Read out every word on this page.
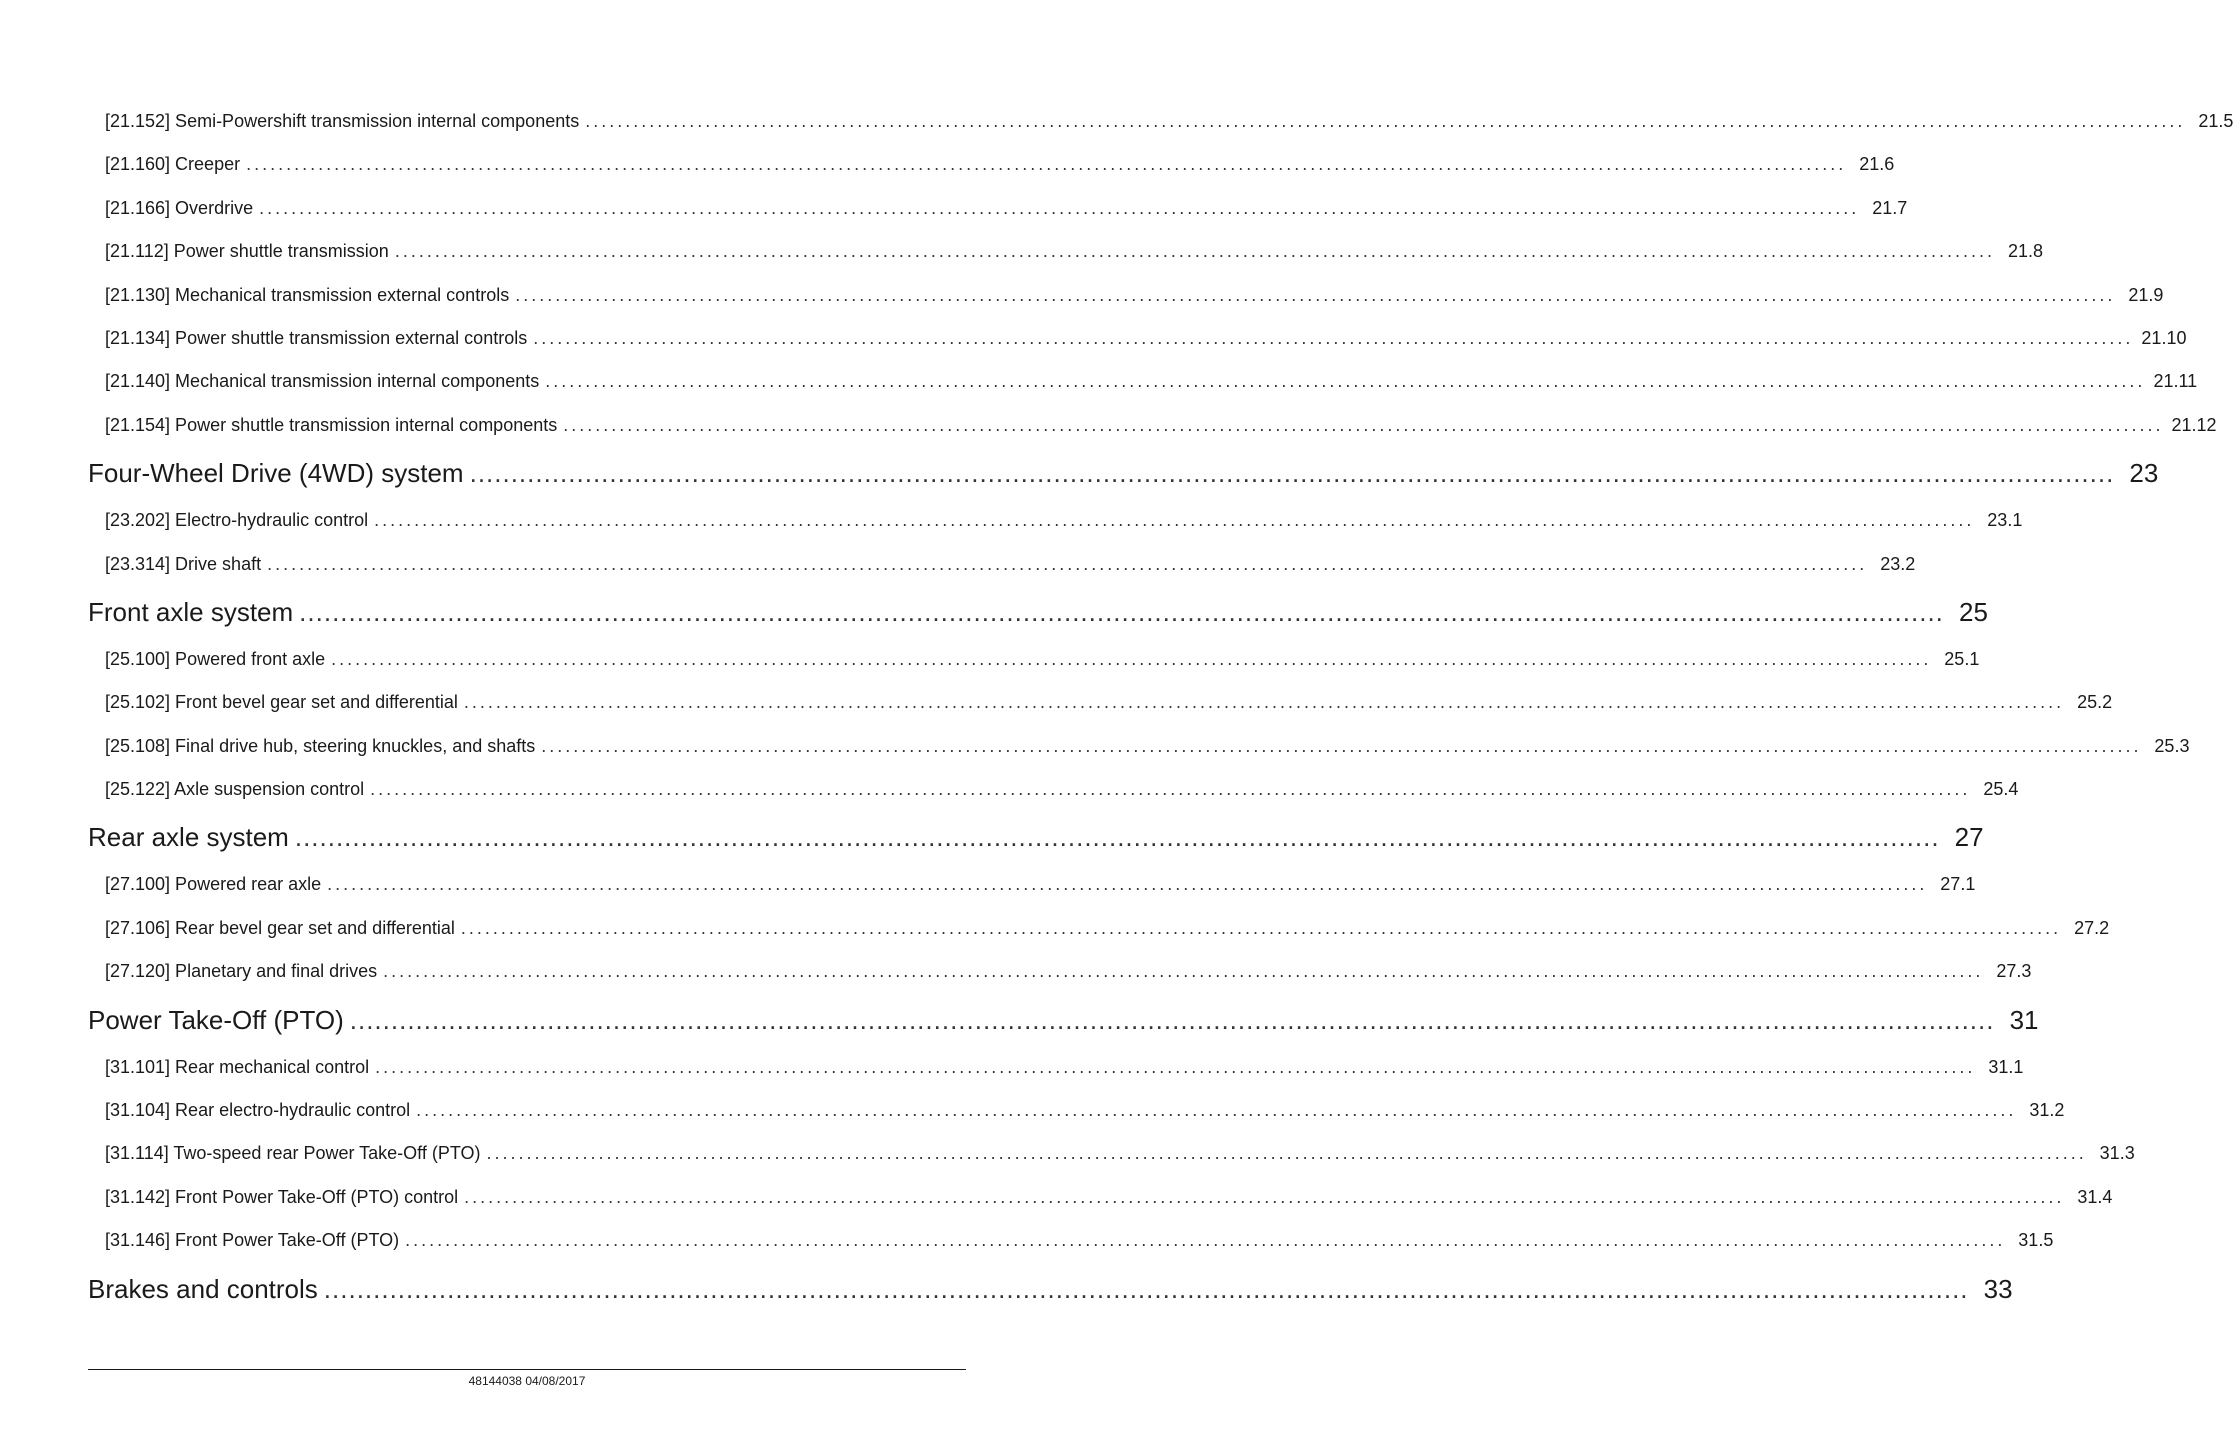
[21.152] Semi-Powershift transmission internal components ........................................................................................................................................................................................................ 21.5
[21.160] Creeper ........................................................................................................................................................................................................ 21.6
[21.166] Overdrive ........................................................................................................................................................................................................ 21.7
[21.112] Power shuttle transmission ........................................................................................................................................................................................................ 21.8
[21.130] Mechanical transmission external controls ........................................................................................................................................................................................................ 21.9
[21.134] Power shuttle transmission external controls ........................................................................................................................................................................................................ 21.10
[21.140] Mechanical transmission internal components ........................................................................................................................................................................................................ 21.11
[21.154] Power shuttle transmission internal components ........................................................................................................................................................................................................ 21.12
Four-Wheel Drive (4WD) system ........................................................................................................................................................................................................ 23
[23.202] Electro-hydraulic control ........................................................................................................................................................................................................ 23.1
[23.314] Drive shaft ........................................................................................................................................................................................................ 23.2
Front axle system ........................................................................................................................................................................................................ 25
[25.100] Powered front axle ........................................................................................................................................................................................................ 25.1
[25.102] Front bevel gear set and differential ........................................................................................................................................................................................................ 25.2
[25.108] Final drive hub, steering knuckles, and shafts ........................................................................................................................................................................................................ 25.3
[25.122] Axle suspension control ........................................................................................................................................................................................................ 25.4
Rear axle system ........................................................................................................................................................................................................ 27
[27.100] Powered rear axle ........................................................................................................................................................................................................ 27.1
[27.106] Rear bevel gear set and differential ........................................................................................................................................................................................................ 27.2
[27.120] Planetary and final drives ........................................................................................................................................................................................................ 27.3
Power Take-Off (PTO) ........................................................................................................................................................................................................ 31
[31.101] Rear mechanical control ........................................................................................................................................................................................................ 31.1
[31.104] Rear electro-hydraulic control ........................................................................................................................................................................................................ 31.2
[31.114] Two-speed rear Power Take-Off (PTO) ........................................................................................................................................................................................................ 31.3
[31.142] Front Power Take-Off (PTO) control ........................................................................................................................................................................................................ 31.4
[31.146] Front Power Take-Off (PTO) ........................................................................................................................................................................................................ 31.5
Brakes and controls ........................................................................................................................................................................................................ 33
48144038 04/08/2017
